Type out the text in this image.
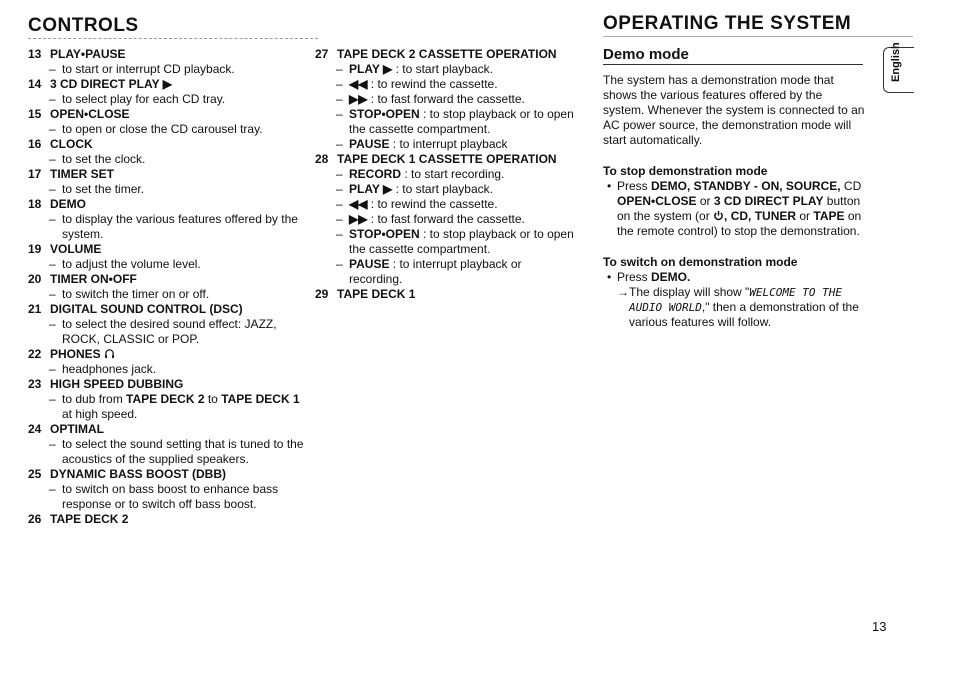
CONTROLS	OPERATING THE SYSTEM
13 PLAY•PAUSE
– to start or interrupt CD playback.
14 3 CD DIRECT PLAY ▶
– to select play for each CD tray.
15 OPEN•CLOSE
– to open or close the CD carousel tray.
16 CLOCK
– to set the clock.
17 TIMER SET
– to set the timer.
18 DEMO
– to display the various features offered by the system.
19 VOLUME
– to adjust the volume level.
20 TIMER ON•OFF
– to switch the timer on or off.
21 DIGITAL SOUND CONTROL (DSC)
– to select the desired sound effect: JAZZ, ROCK, CLASSIC or POP.
22 PHONES
– headphones jack.
23 HIGH SPEED DUBBING
– to dub from TAPE DECK 2 to TAPE DECK 1 at high speed.
24 OPTIMAL
– to select the sound setting that is tuned to the acoustics of the supplied speakers.
25 DYNAMIC BASS BOOST (DBB)
– to switch on bass boost to enhance bass response or to switch off bass boost.
26 TAPE DECK 2
27 TAPE DECK 2 CASSETTE OPERATION
– PLAY ▶ : to start playback.
– ◀◀ : to rewind the cassette.
– ▶▶ : to fast forward the cassette.
– STOP•OPEN : to stop playback or to open the cassette compartment.
– PAUSE : to interrupt playback
28 TAPE DECK 1 CASSETTE OPERATION
– RECORD : to start recording.
– PLAY ▶ : to start playback.
– ◀◀ : to rewind the cassette.
– ▶▶ : to fast forward the cassette.
– STOP•OPEN : to stop playback or to open the cassette compartment.
– PAUSE : to interrupt playback or recording.
29 TAPE DECK 1
Demo mode

The system has a demonstration mode that shows the various features offered by the system. Whenever the system is connected to an AC power source, the demonstration mode will start automatically.

To stop demonstration mode
• Press DEMO, STANDBY - ON, SOURCE, CD OPEN•CLOSE or 3 CD DIRECT PLAY button on the system (or , CD, TUNER or TAPE on the remote control) to stop the demonstration.
To switch on demonstration mode
• Press DEMO.
→The display will show "WELCOME TO THE AUDIO WORLD," then a demonstration of the various features will follow.
English
13
